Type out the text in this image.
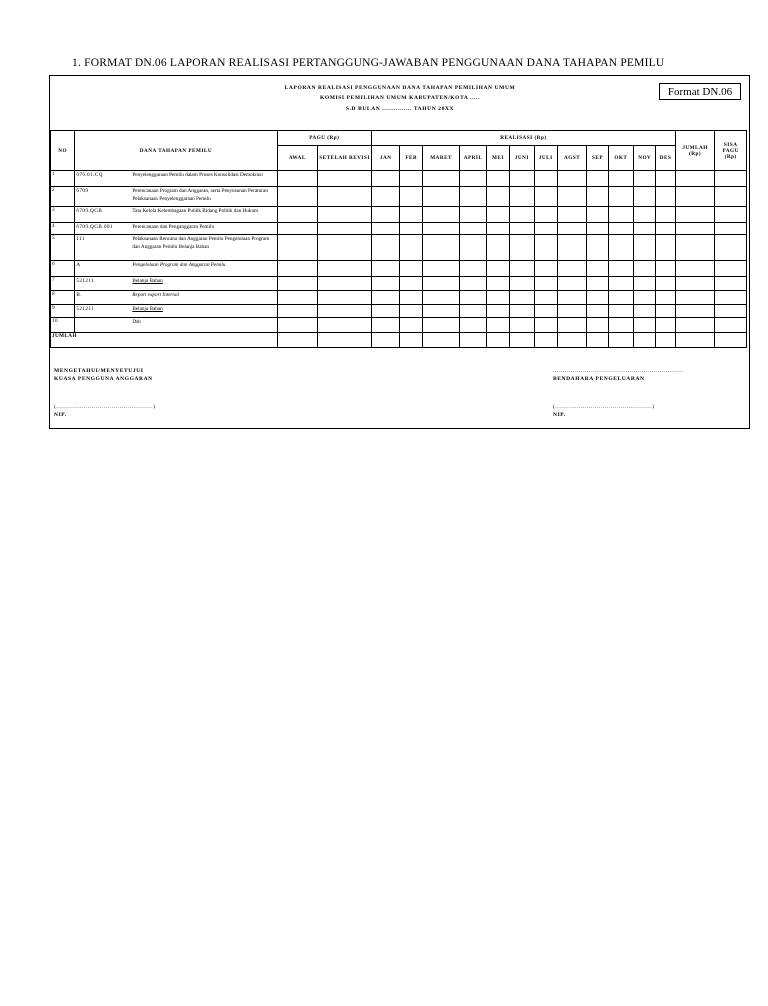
1. FORMAT DN.06 LAPORAN REALISASI PERTANGGUNG-JAWABAN PENGGUNAAN DANA TAHAPAN PEMILU
LAPORAN REALISASI PENGGUNAAN DANA TAHAPAN PEMILIHAN UMUM
KOMISI PEMILIHAN UMUM KABUPATEN/KOTA .....
S.D BULAN ............... TAHUN 20XX
Format DN.06
NO	DANA TAHAPAN PEMILU	PAGU (Rp)		REALISASI (Rp)												JUMLAH (Rp)	SISA PAGU (Rp)
		AWAL	SETELAH REVISI	JAN	FEB	MARET	APRIL	MEI	JUNI	JULI	AGST	SEP	OKT	NOV	DES		
1	076.01.CQ Penyelenggaraan Pemilu dalam Proses Konsolidasi Demokrasi																

2	6709 Perencanaan Program dan Anggaran, serta Penyusunan Peraturan Pelaksanaan Penyelenggaraan Pemilu																

3	6709.QGB Tata Kelola Kelembagaan Publik Bidang Politik dan Hukum																

4	6709.QGB.001 Perencanaan dan Penganggaran Pemilu																

5	111 Pelaksanaan Rencana dan Anggaran Pemilu Pengelolaan Program dan Anggaran Pemilu Belanja Bahan																

6	A Pengelolaan Program dan Anggaran Pemilu																

7	521211 Belanja Bahan																

8	B. Report export Internal																

9	521211 Belanja Bahan																

10	Dsb																

JUMLAH																	
MENGETAHUI/MENYETUJUI
KUASA PENGGUNA ANGGARAN
(.................................................)
NIP.
..................................................................
BENDAHARA PENGELUARAN
(.................................................)
NIP.
